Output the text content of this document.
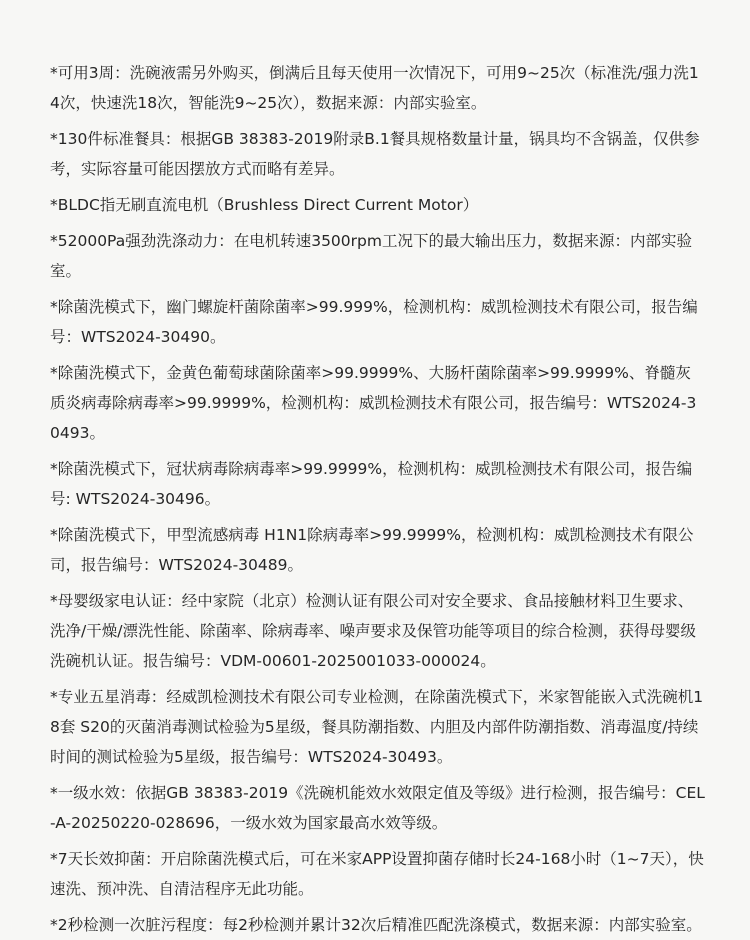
*可用3周：洗碗液需另外购买，倒满后且每天使用一次情况下，可用9~25次（标准洗/强力洗14次，快速洗18次，智能洗9~25次），数据来源：内部实验室。

*130件标准餐具：根据GB 38383-2019附录B.1餐具规格数量计量，锅具均不含锅盖，仅供参考，实际容量可能因摆放方式而略有差异。

*BLDC指无刷直流电机（Brushless Direct Current Motor）

*52000Pa强劲洗涤动力：在电机转速3500rpm工况下的最大输出压力，数据来源：内部实验室。

*除菌洗模式下，幽门螺旋杆菌除菌率>99.999%，检测机构：威凯检测技术有限公司，报告编号：WTS2024-30490。

*除菌洗模式下，金黄色葡萄球菌除菌率>99.9999%、大肠杆菌除菌率>99.9999%、脊髓灰质炎病毒除病毒率>99.9999%，检测机构：威凯检测技术有限公司，报告编号：WTS2024-30493。

*除菌洗模式下，冠状病毒除病毒率>99.9999%，检测机构：威凯检测技术有限公司，报告编号: WTS2024-30496。

*除菌洗模式下，甲型流感病毒 H1N1除病毒率>99.9999%，检测机构：威凯检测技术有限公司，报告编号：WTS2024-30489。

*母婴级家电认证：经中家院（北京）检测认证有限公司对安全要求、食品接触材料卫生要求、洗净/干燥/漂洗性能、除菌率、除病毒率、噪声要求及保管功能等项目的综合检测，获得母婴级洗碗机认证。报告编号：VDM-00601-2025001033-000024。

*专业五星消毒：经威凯检测技术有限公司专业检测，在除菌洗模式下，米家智能嵌入式洗碗机18套 S20的灭菌消毒测试检验为5星级，餐具防潮指数、内胆及内部件防潮指数、消毒温度/持续时间的测试检验为5星级，报告编号：WTS2024-30493。

*一级水效：依据GB 38383-2019《洗碗机能效水效限定值及等级》进行检测，报告编号：CEL-A-20250220-028696，一级水效为国家最高水效等级。

*7天长效抑菌：开启除菌洗模式后，可在米家APP设置抑菌存储时长24-168小时（1~7天），快速洗、预冲洗、自清洁程序无此功能。

*2秒检测一次脏污程度：每2秒检测并累计32次后精准匹配洗涤模式，数据来源：内部实验室。
